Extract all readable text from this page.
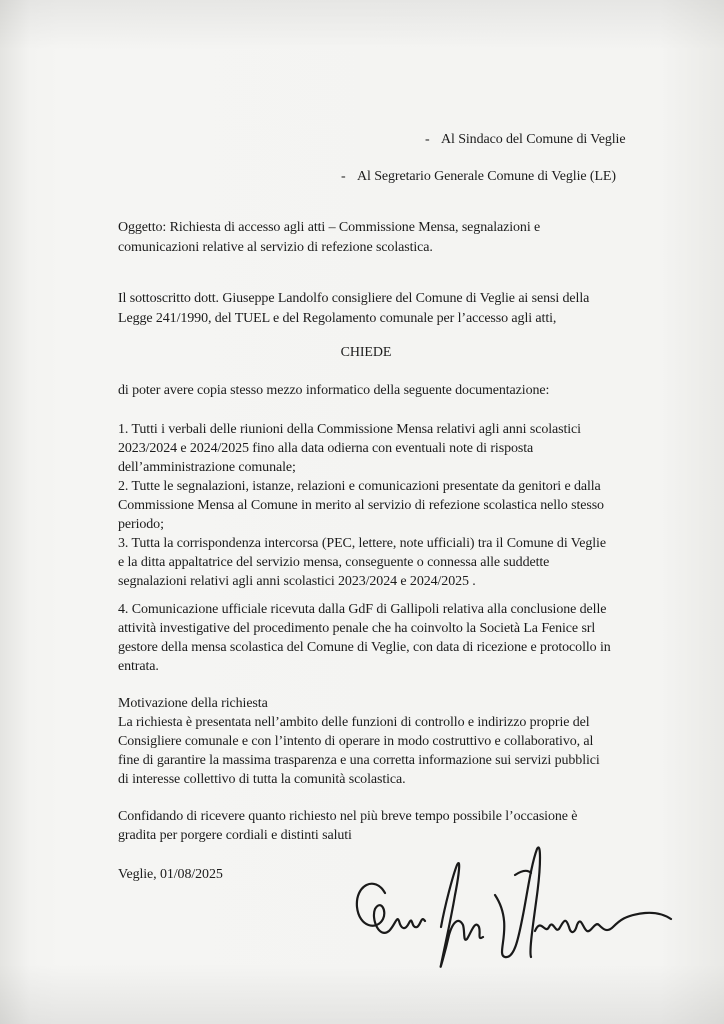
- Al Sindaco del Comune di Veglie
- Al Segretario Generale Comune di Veglie (LE)
Oggetto: Richiesta di accesso agli atti – Commissione Mensa, segnalazioni e
comunicazioni relative al servizio di refezione scolastica.
Il sottoscritto dott. Giuseppe Landolfo consigliere del Comune di Veglie ai sensi della
Legge 241/1990, del TUEL e del Regolamento comunale per l’accesso agli atti,
CHIEDE
di poter avere copia stesso mezzo informatico della seguente documentazione:
1. Tutti i verbali delle riunioni della Commissione Mensa relativi agli anni scolastici
2023/2024 e 2024/2025 fino alla data odierna con eventuali note di risposta
dell’amministrazione comunale;
2. Tutte le segnalazioni, istanze, relazioni e comunicazioni presentate da genitori e dalla
Commissione Mensa al Comune in merito al servizio di refezione scolastica nello stesso
periodo;
3. Tutta la corrispondenza intercorsa (PEC, lettere, note ufficiali) tra il Comune di Veglie
e la ditta appaltatrice del servizio mensa, conseguente o connessa alle suddette
segnalazioni relativi agli anni scolastici 2023/2024 e 2024/2025 .
4. Comunicazione ufficiale ricevuta dalla GdF di Gallipoli relativa alla conclusione delle
attività investigative del procedimento penale che ha coinvolto la Società La Fenice srl
gestore della mensa scolastica del Comune di Veglie, con data di ricezione e protocollo in
entrata.
Motivazione della richiesta
La richiesta è presentata nell’ambito delle funzioni di controllo e indirizzo proprie del
Consigliere comunale e con l’intento di operare in modo costruttivo e collaborativo, al
fine di garantire la massima trasparenza e una corretta informazione sui servizi pubblici
di interesse collettivo di tutta la comunità scolastica.
Confidando di ricevere quanto richiesto nel più breve tempo possibile l’occasione è
gradita per porgere cordiali e distinti saluti
Veglie, 01/08/2025
